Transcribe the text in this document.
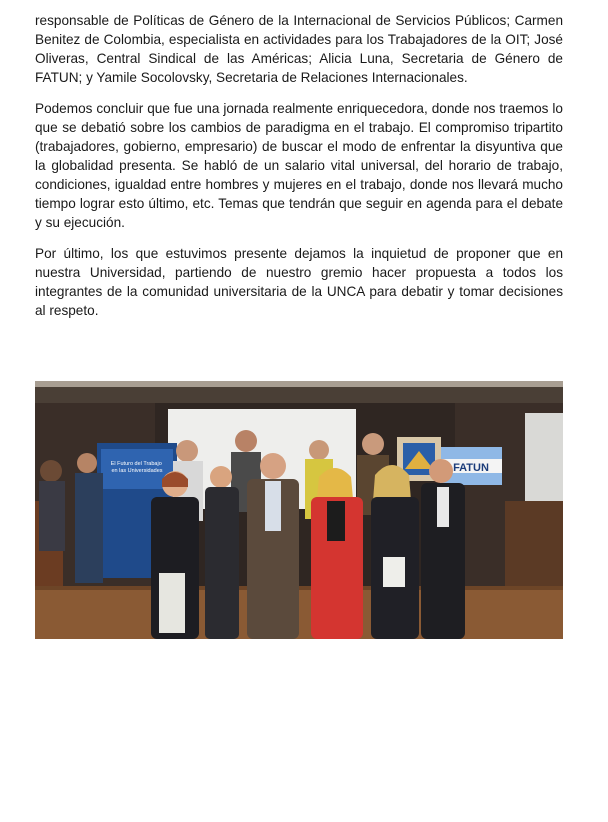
responsable de Políticas de Género de la Internacional de Servicios Públicos; Carmen Benitez de Colombia, especialista en actividades para los Trabajadores de la OIT; José Oliveras, Central Sindical de las Américas; Alicia Luna, Secretaria de Género de FATUN; y Yamile Socolovsky, Secretaria de Relaciones Internacionales.

Podemos concluir que fue una jornada realmente enriquecedora, donde nos traemos lo que se debatió sobre los cambios de paradigma en el trabajo. El compromiso tripartito (trabajadores, gobierno, empresario) de buscar el modo de enfrentar la disyuntiva que la globalidad presenta. Se habló de un salario vital universal, del horario de trabajo, condiciones, igualdad entre hombres y mujeres en el trabajo, donde nos llevará mucho tiempo lograr esto último, etc. Temas que tendrán que seguir en agenda para el debate y su ejecución.

Por último, los que estuvimos presente dejamos la inquietud de proponer que en nuestra Universidad, partiendo de nuestro gremio hacer propuesta a todos los integrantes de la comunidad universitaria de la UNCA para debatir y tomar decisiones al respeto.

El Futuro del Trabajo en las Universidades	FATUN
